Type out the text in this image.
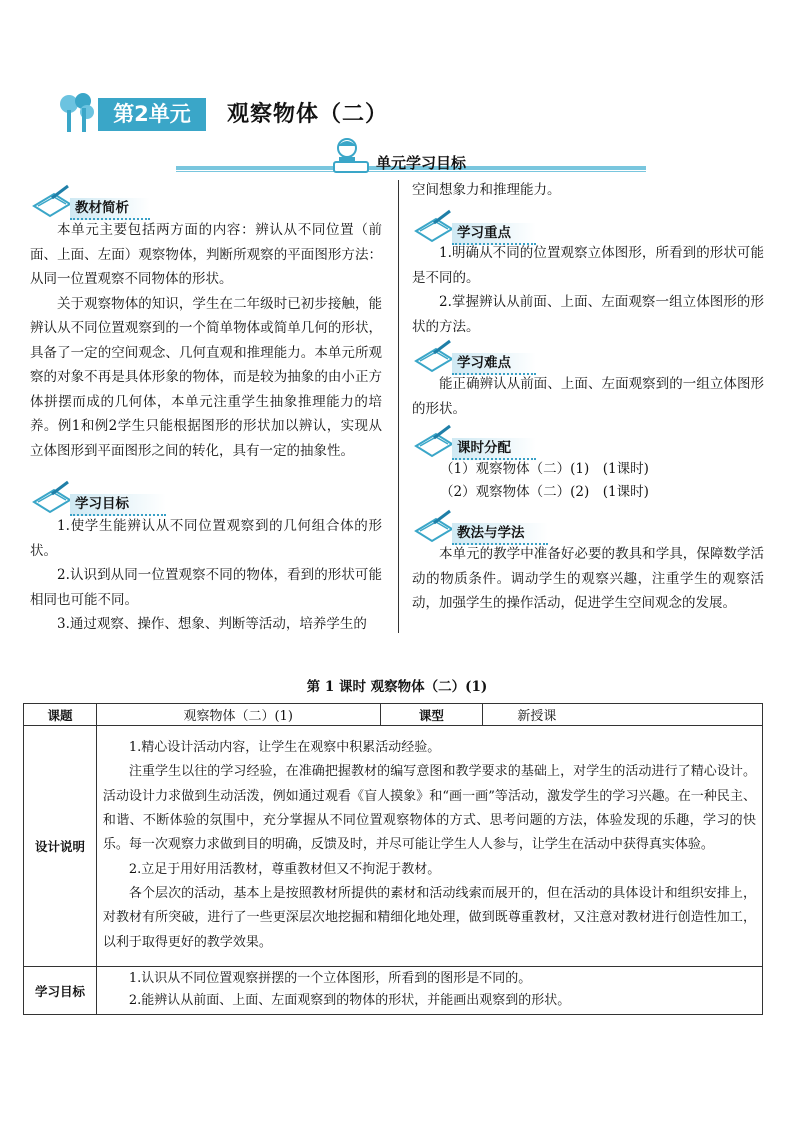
第2单元	观察物体（二）
单元学习目标
教材简析

本单元主要包括两方面的内容：辨认从不同位置（前面、上面、左面）观察物体，判断所观察的平面图形方法：从同一位置观察不同物体的形状。

关于观察物体的知识，学生在二年级时已初步接触，能辨认从不同位置观察到的一个简单物体或简单几何的形状，具备了一定的空间观念、几何直观和推理能力。本单元所观察的对象不再是具体形象的物体，而是较为抽象的由小正方体拼摆而成的几何体，本单元注重学生抽象推理能力的培养。例1和例2学生只能根据图形的形状加以辨认，实现从立体图形到平面图形之间的转化，具有一定的抽象性。

学习目标

1.使学生能辨认从不同位置观察到的几何组合体的形状。

2.认识到从同一位置观察不同的物体，看到的形状可能相同也可能不同。

3.通过观察、操作、想象、判断等活动，培养学生的

空间想象力和推理能力。

学习重点

1.明确从不同的位置观察立体图形，所看到的形状可能是不同的。

2.掌握辨认从前面、上面、左面观察一组立体图形的形状的方法。

学习难点

能正确辨认从前面、上面、左面观察到的一组立体图形的形状。

课时分配
（1）观察物体（二）(1)　(1课时)
（2）观察物体（二）(2)　(1课时)
教法与学法

本单元的教学中准备好必要的教具和学具，保障数学活动的物质条件。调动学生的观察兴趣，注重学生的观察活动，加强学生的操作活动，促进学生空间观念的发展。

第 1 课时 观察物体（二）(1)
课题	观察物体（二）(1)	课型	新授课
设计说明	1.精心设计活动内容，让学生在观察中积累活动经验。

注重学生以往的学习经验，在准确把握教材的编写意图和教学要求的基础上，对学生的活动进行了精心设计。活动设计力求做到生动活泼，例如通过观看《盲人摸象》和“画一画”等活动，激发学生的学习兴趣。在一种民主、和谐、不断体验的氛围中，充分掌握从不同位置观察物体的方式、思考问题的方法，体验发现的乐趣，学习的快乐。每一次观察力求做到目的明确，反馈及时，并尽可能让学生人人参与，让学生在活动中获得真实体验。

2.立足于用好用活教材，尊重教材但又不拘泥于教材。

各个层次的活动，基本上是按照教材所提供的素材和活动线索而展开的，但在活动的具体设计和组织安排上，对教材有所突破，进行了一些更深层次地挖掘和精细化地处理，做到既尊重教材，又注意对教材进行创造性加工，以利于取得更好的教学效果。		

学习目标	1.认识从不同位置观察拼摆的一个立体图形，所看到的图形是不同的。

2.能辨认从前面、上面、左面观察到的物体的形状，并能画出观察到的形状。		
